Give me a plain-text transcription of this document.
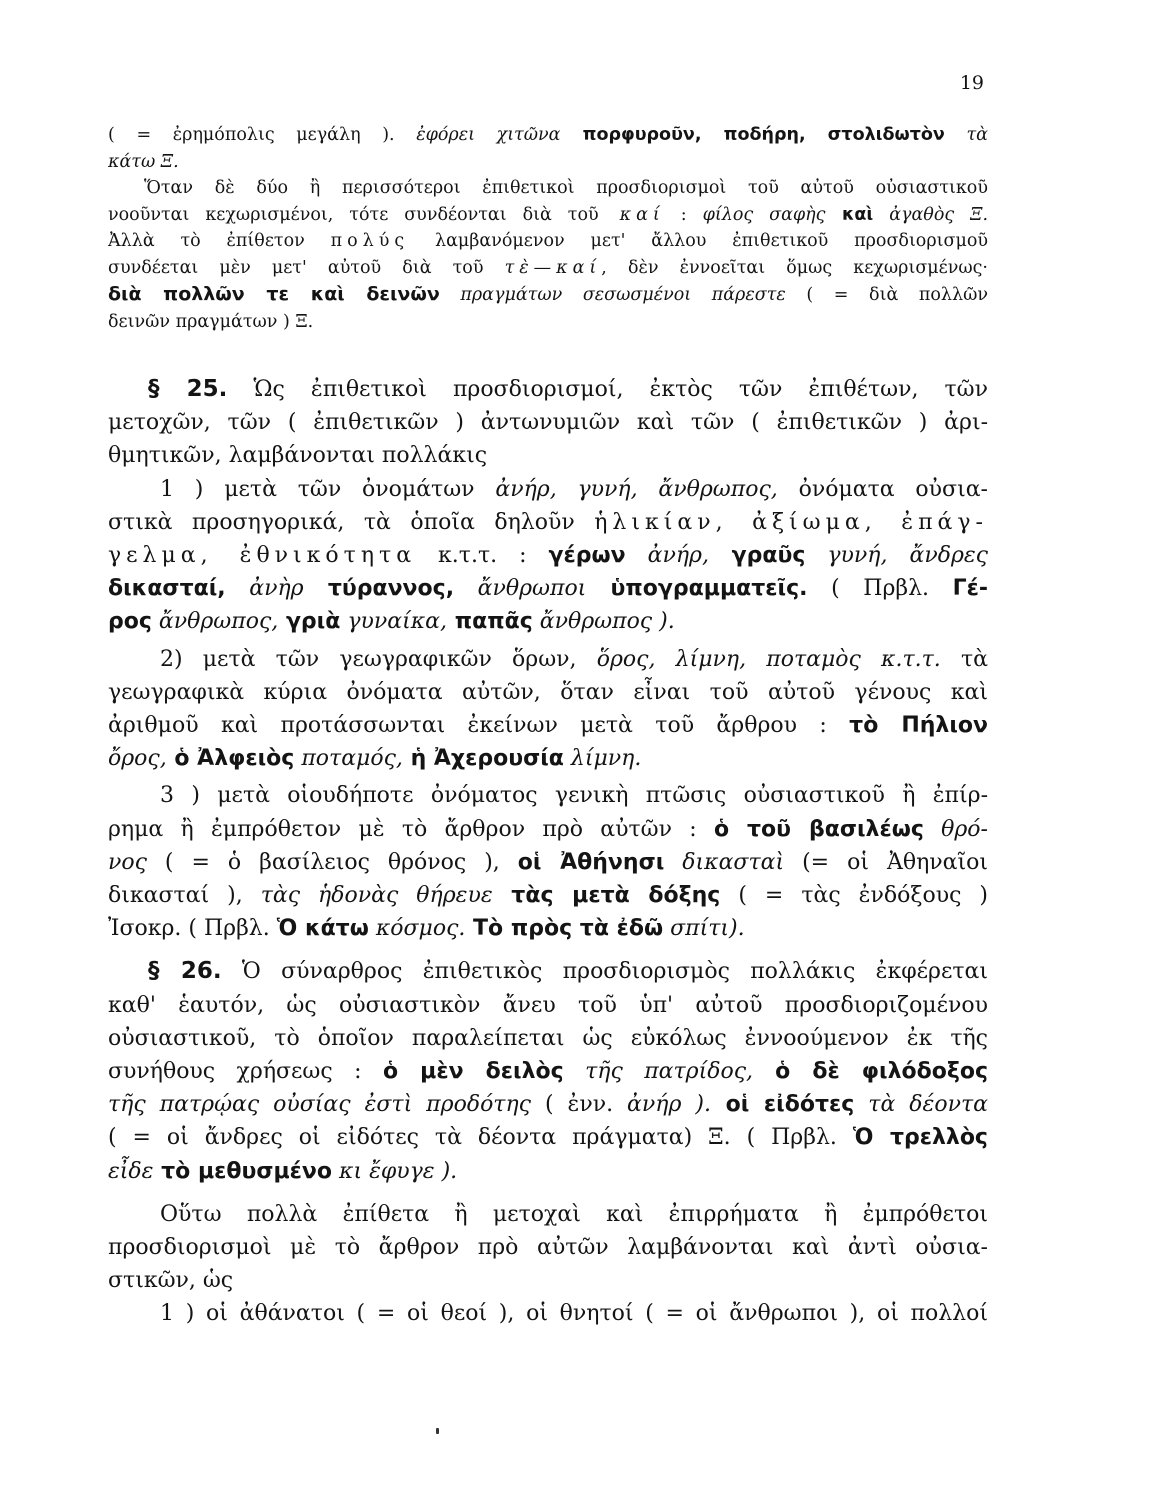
19
( = ἐρημόπολις μεγάλη ). ἐφόρει χιτῶνα πορφυροῦν, ποδήρη, στολιδωτὸν τὰ
κάτω Ξ.
Ὅταν δὲ δύο ἢ περισσότεροι ἐπιθετικοὶ προσδιορισμοὶ τοῦ αὐτοῦ οὐσιαστικοῦ
νοοῦνται κεχωρισμένοι, τότε συνδέονται διὰ τοῦ καί : φίλος σαφὴς καὶ ἀγαθὸς Ξ.
Ἀλλὰ τὸ ἐπίθετον πολύς λαμβανόμενον μετ' ἄλλου ἐπιθετικοῦ προσδιορισμοῦ
συνδέεται μὲν μετ' αὐτοῦ διὰ τοῦ τὲ—καί, δὲν ἐννοεῖται ὅμως κεχωρισμένως·
διὰ πολλῶν τε καὶ δεινῶν πραγμάτων σεσωσμένοι πάρεστε ( = διὰ πολλῶν
δεινῶν πραγμάτων ) Ξ.
§ 25. Ὡς ἐπιθετικοὶ προσδιορισμοί, ἐκτὸς τῶν ἐπιθέτων, τῶν
μετοχῶν, τῶν ( ἐπιθετικῶν ) ἀντωνυμιῶν καὶ τῶν ( ἐπιθετικῶν ) ἀρι-
θμητικῶν, λαμβάνονται πολλάκις
1 ) μετὰ τῶν ὀνομάτων ἀνήρ, γυνή, ἄνθρωπος, ὀνόματα οὐσια-
στικὰ προσηγορικά, τὰ ὁποῖα δηλοῦν ἡλικίαν, ἀξίωμα, ἐπάγ-
γελμα, ἐθνικότητα κ.τ.τ. : γέρων ἀνήρ, γραῦς γυνή, ἄνδρες
δικασταί, ἀνὴρ τύραννος, ἄνθρωποι ὑπογραμματεῖς. ( Πρβλ. Γέ-
ρος ἄνθρωπος, γριὰ γυναίκα, παπᾶς ἄνθρωπος ).
2) μετὰ τῶν γεωγραφικῶν ὅρων, ὅρος, λίμνη, ποταμὸς κ.τ.τ. τὰ
γεωγραφικὰ κύρια ὀνόματα αὐτῶν, ὅταν εἶναι τοῦ αὐτοῦ γένους καὶ
ἀριθμοῦ καὶ προτάσσωνται ἐκείνων μετὰ τοῦ ἄρθρου : τὸ Πήλιον
ὄρος, ὁ Ἀλφειὸς ποταμός, ἡ Ἀχερουσία λίμνη.
3 ) μετὰ οἱουδήποτε ὀνόματος γενικὴ πτῶσις οὐσιαστικοῦ ἢ ἐπίρ-
ρημα ἢ ἐμπρόθετον μὲ τὸ ἄρθρον πρὸ αὐτῶν : ὁ τοῦ βασιλέως θρό-
νος ( = ὁ βασίλειος θρόνος ), οἱ Ἀθήνησι δικασταὶ (= οἱ Ἀθηναῖοι
δικασταί ), τὰς ἡδονὰς θήρευε τὰς μετὰ δόξης ( = τὰς ἐνδόξους )
Ἰσοκρ. ( Πρβλ. Ὁ κάτω κόσμος. Τὸ πρὸς τὰ ἐδῶ σπίτι).
§ 26. Ὁ σύναρθρος ἐπιθετικὸς προσδιορισμὸς πολλάκις ἐκφέρεται
καθ' ἑαυτόν, ὡς οὐσιαστικὸν ἄνευ τοῦ ὑπ' αὐτοῦ προσδιοριζομένου
οὐσιαστικοῦ, τὸ ὁποῖον παραλείπεται ὡς εὐκόλως ἐννοούμενον ἐκ τῆς
συνήθους χρήσεως : ὁ μὲν δειλὸς τῆς πατρίδος, ὁ δὲ φιλόδοξος
τῆς πατρῴας οὐσίας ἐστὶ προδότης ( ἐνν. ἀνήρ ). οἱ εἰδότες τὰ δέοντα
( = οἱ ἄνδρες οἱ εἰδότες τὰ δέοντα πράγματα) Ξ. ( Πρβλ. Ὁ τρελλὸς
εἶδε τὸ μεθυσμένο κι ἔφυγε ).
Οὕτω πολλὰ ἐπίθετα ἢ μετοχαὶ καὶ ἐπιρρήματα ἢ ἐμπρόθετοι
προσδιορισμοὶ μὲ τὸ ἄρθρον πρὸ αὐτῶν λαμβάνονται καὶ ἀντὶ οὐσια-
στικῶν, ὡς
1 ) οἱ ἀθάνατοι ( = οἱ θεοί ), οἱ θνητοί ( = οἱ ἄνθρωποι ), οἱ πολλοί
